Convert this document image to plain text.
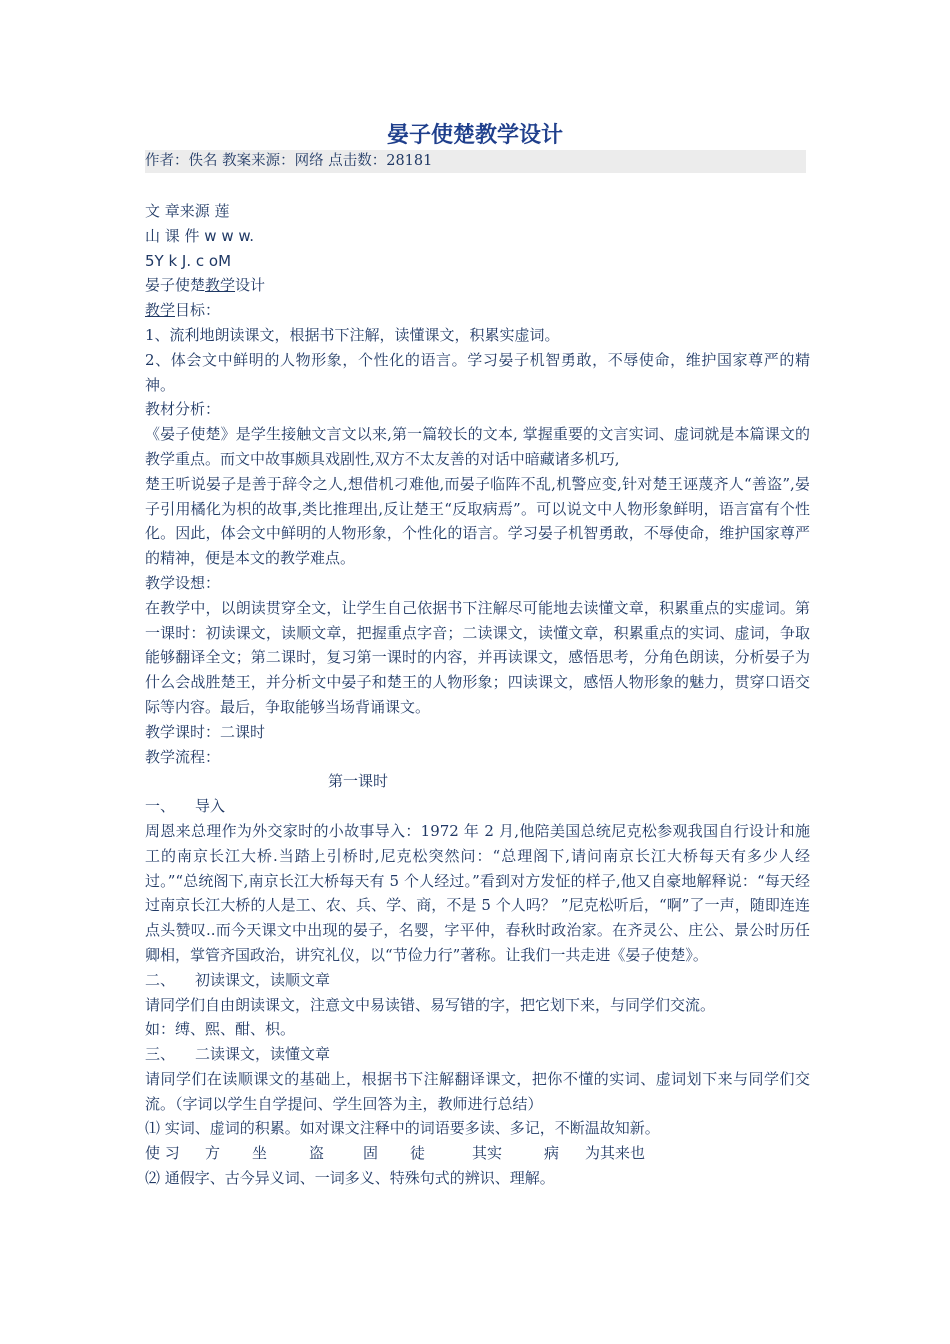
晏子使楚教学设计
作者：佚名 教案来源：网络 点击数：28181

文 章来源 莲

山 课 件 w w w.

5Y k J. c oM

晏子使楚教学设计

教学目标：

1、流利地朗读课文，根据书下注解，读懂课文，积累实虚词。

2、体会文中鲜明的人物形象，个性化的语言。学习晏子机智勇敢，不辱使命，维护国家尊严的精神。

教材分析：

《晏子使楚》是学生接触文言文以来,第一篇较长的文本, 掌握重要的文言实词、虚词就是本篇课文的教学重点。而文中故事颇具戏剧性,双方不太友善的对话中暗藏诸多机巧,

楚王听说晏子是善于辞令之人,想借机刁难他,而晏子临阵不乱,机警应变,针对楚王诬蔑齐人“善盗”,晏子引用橘化为枳的故事,类比推理出,反让楚王“反取病焉”。可以说文中人物形象鲜明，语言富有个性化。因此，体会文中鲜明的人物形象，个性化的语言。学习晏子机智勇敢，不辱使命，维护国家尊严的精神，便是本文的教学难点。

教学设想：

在教学中，以朗读贯穿全文，让学生自己依据书下注解尽可能地去读懂文章，积累重点的实虚词。第一课时：初读课文，读顺文章，把握重点字音；二读课文，读懂文章，积累重点的实词、虚词，争取能够翻译全文；第二课时，复习第一课时的内容，并再读课文，感悟思考，分角色朗读，分析晏子为什么会战胜楚王，并分析文中晏子和楚王的人物形象；四读课文，感悟人物形象的魅力，贯穿口语交际等内容。最后，争取能够当场背诵课文。

教学课时：二课时

教学流程：

第一课时

一、 导入

周恩来总理作为外交家时的小故事导入：1972 年 2 月,他陪美国总统尼克松参观我国自行设计和施工的南京长江大桥.当踏上引桥时,尼克松突然问：“总理阁下,请问南京长江大桥每天有多少人经过。”“总统阁下,南京长江大桥每天有 5 个人经过。”看到对方发怔的样子,他又自豪地解释说：“每天经过南京长江大桥的人是工、农、兵、学、商，不是 5 个人吗？ ”尼克松听后，“啊”了一声，随即连连点头赞叹..而今天课文中出现的晏子，名婴，字平仲，春秋时政治家。在齐灵公、庄公、景公时历任卿相，掌管齐国政治，讲究礼仪，以“节俭力行”著称。让我们一共走进《晏子使楚》。

二、 初读课文，读顺文章

请同学们自由朗读课文，注意文中易读错、易写错的字，把它划下来，与同学们交流。

如：缚、熙、酣、枳。

三、 二读课文，读懂文章

请同学们在读顺课文的基础上，根据书下注解翻译课文，把你不懂的实词、虚词划下来与同学们交流。（字词以学生自学提问、学生回答为主，教师进行总结）

⑴ 实词、虚词的积累。如对课文注释中的词语要多读、多记，不断温故知新。

使 习 方 坐	盗	固 徒	其实	病 为其来也

⑵ 通假字、古今异义词、一词多义、特殊句式的辨识、理解。
